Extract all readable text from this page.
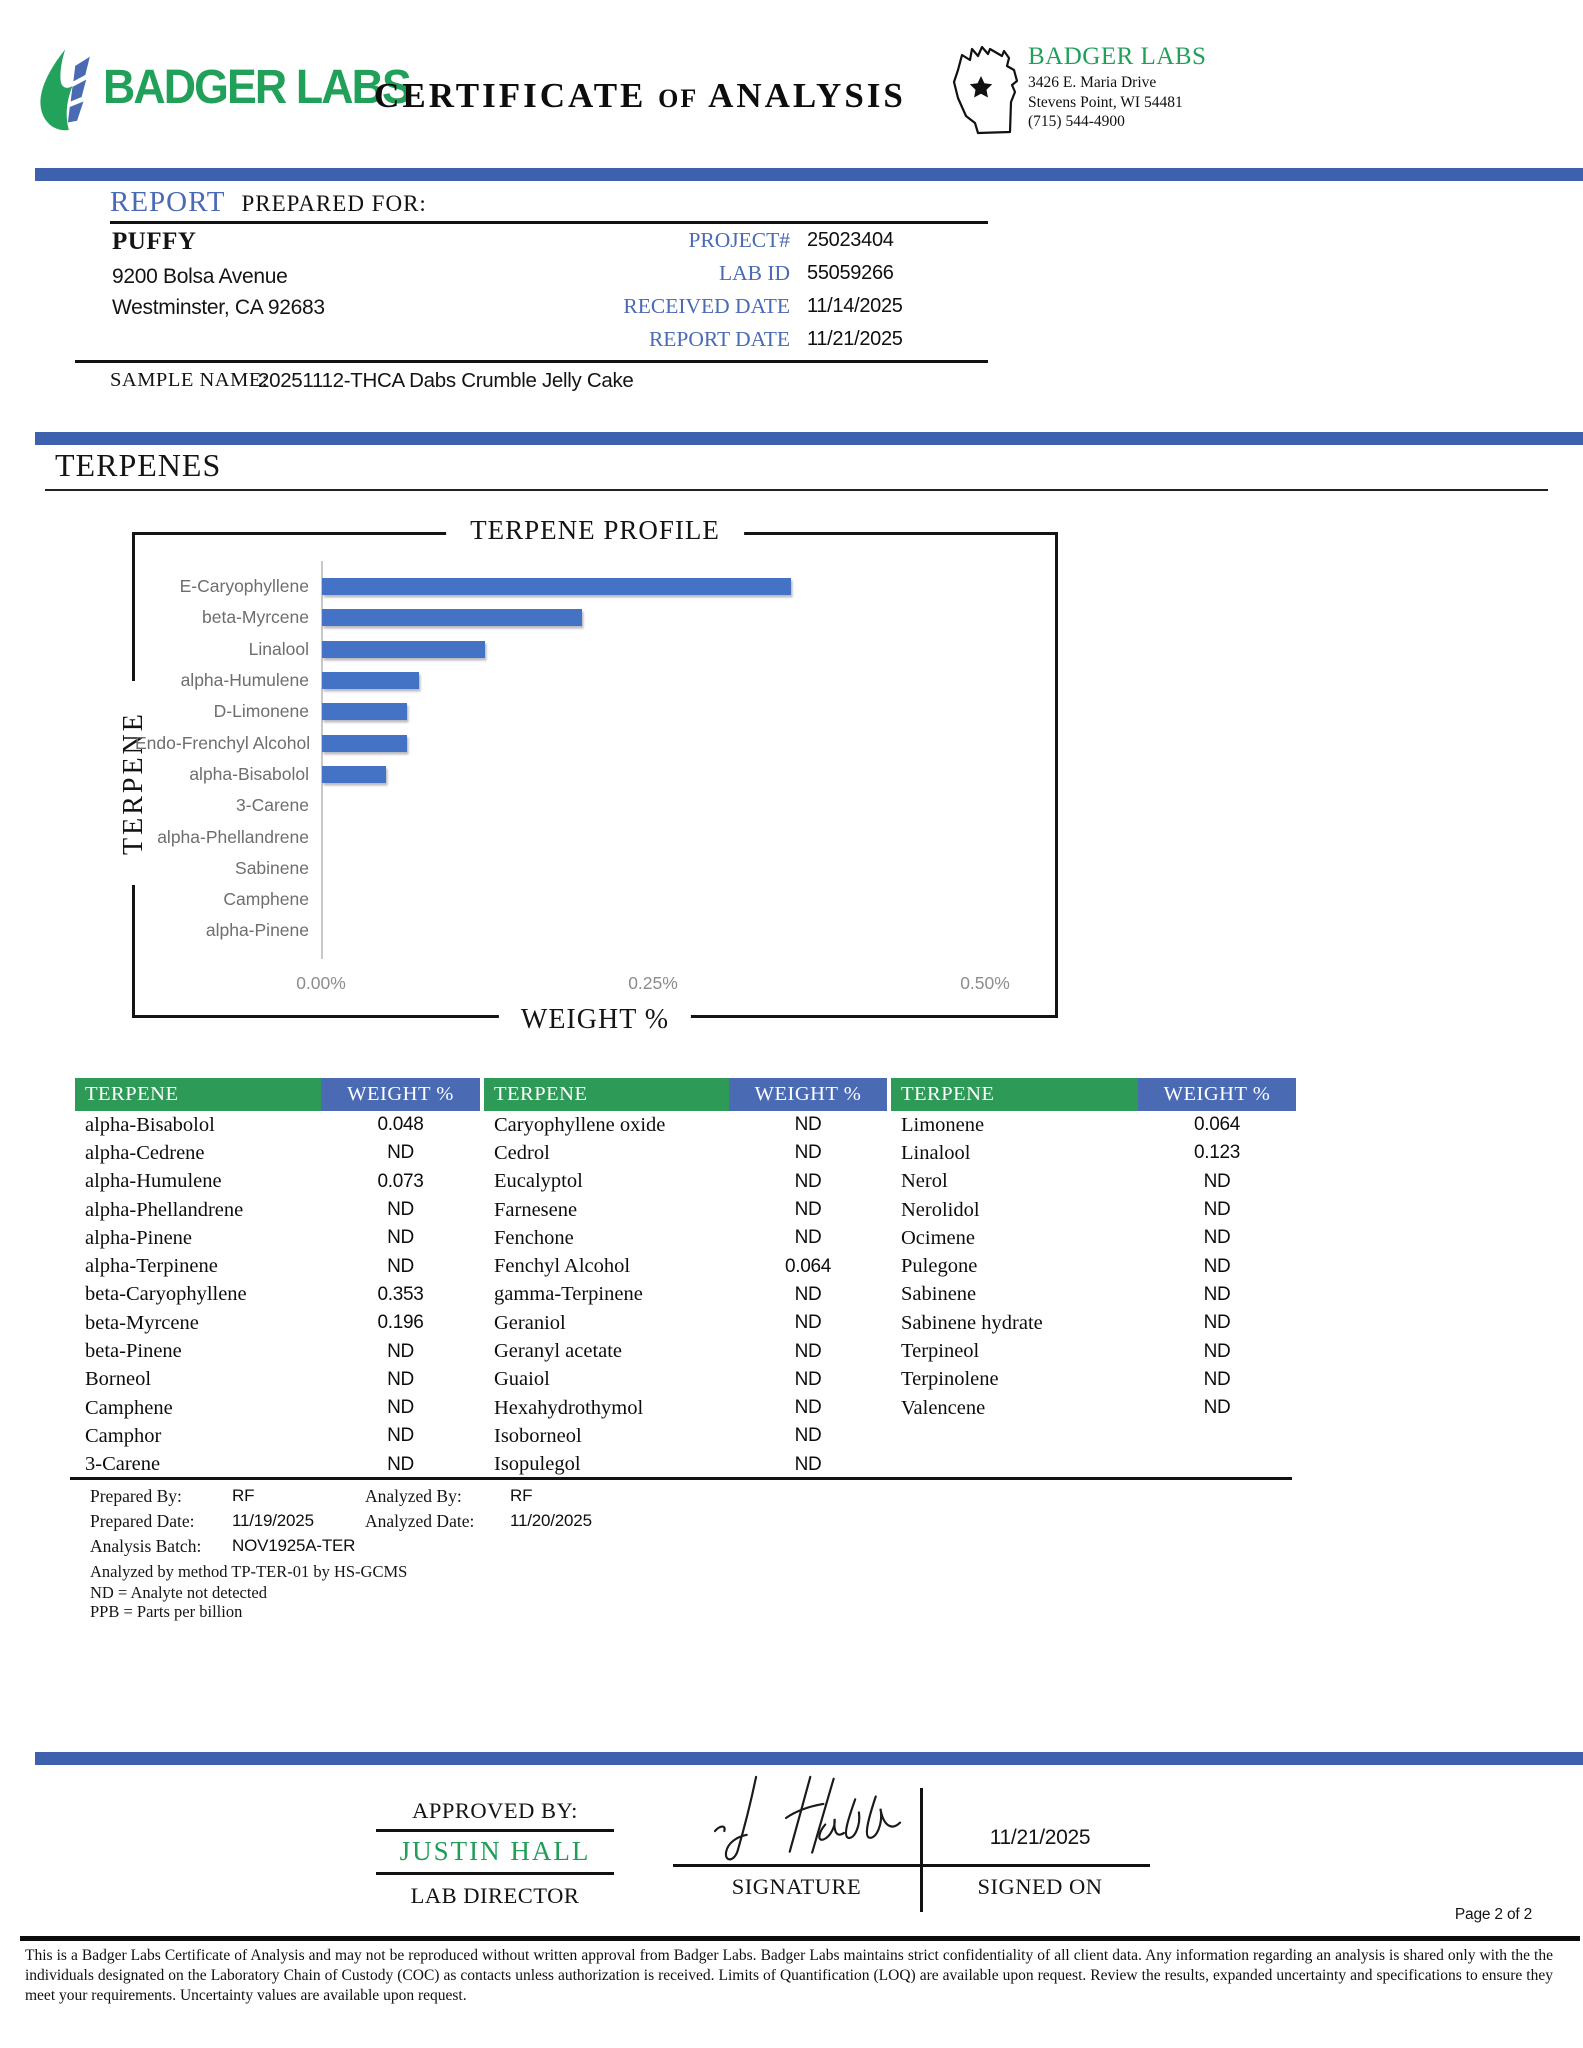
BADGER LABS
CERTIFICATE OF ANALYSIS
BADGER LABS
3426 E. Maria Drive
Stevens Point, WI 54481
(715) 544-4900
REPORT PREPARED FOR:
PUFFY
9200 Bolsa Avenue
Westminster, CA 92683
PROJECT# 25023404
LAB ID 55059266
RECEIVED DATE 11/14/2025
REPORT DATE 11/21/2025
SAMPLE NAME:
20251112-THCA Dabs Crumble Jelly Cake
TERPENES
TERPENE PROFILE
WEIGHT %
TERPENE
E-Caryophyllene
beta-Myrcene
Linalool
alpha-Humulene
D-Limonene
Endo-Frenchyl Alcohol
alpha-Bisabolol
3-Carene
alpha-Phellandrene
Sabinene
Camphene
alpha-Pinene
0.00%	0.25%	0.50%
TERPENE	WEIGHT %	TERPENE	WEIGHT %	TERPENE	WEIGHT %
alpha-Bisabolol	0.048	Caryophyllene oxide	ND	Limonene	0.064
alpha-Cedrene	ND	Cedrol	ND	Linalool	0.123
alpha-Humulene	0.073	Eucalyptol	ND	Nerol	ND
alpha-Phellandrene	ND	Farnesene	ND	Nerolidol	ND
alpha-Pinene	ND	Fenchone	ND	Ocimene	ND
alpha-Terpinene	ND	Fenchyl Alcohol	0.064	Pulegone	ND
beta-Caryophyllene	0.353	gamma-Terpinene	ND	Sabinene	ND
beta-Myrcene	0.196	Geraniol	ND	Sabinene hydrate	ND
beta-Pinene	ND	Geranyl acetate	ND	Terpineol	ND
Borneol	ND	Guaiol	ND	Terpinolene	ND
Camphene	ND	Hexahydrothymol	ND	Valencene	ND
Camphor	ND	Isoborneol	ND
3-Carene	ND	Isopulegol	ND
Prepared By:	RF	Analyzed By:	RF
Prepared Date: 11/19/2025	Analyzed Date: 11/20/2025
Analysis Batch: NOV1925A-TER
Analyzed by method TP-TER-01 by HS-GCMS
ND = Analyte not detected
PPB = Parts per billion
APPROVED BY:
JUSTIN HALL
LAB DIRECTOR	SIGNATURE
11/21/2025
SIGNED ON
Page 2 of 2
This is a Badger Labs Certificate of Analysis and may not be reproduced without written approval from Badger Labs. Badger Labs maintains strict confidentiality of all client data. Any information regarding an analysis is shared only with the the individuals designated on the Laboratory Chain of Custody (COC) as contacts unless authorization is received. Limits of Quantification (LOQ) are available upon request. Review the results, expanded uncertainty and specifications to ensure they meet your requirements. Uncertainty values are available upon request.
